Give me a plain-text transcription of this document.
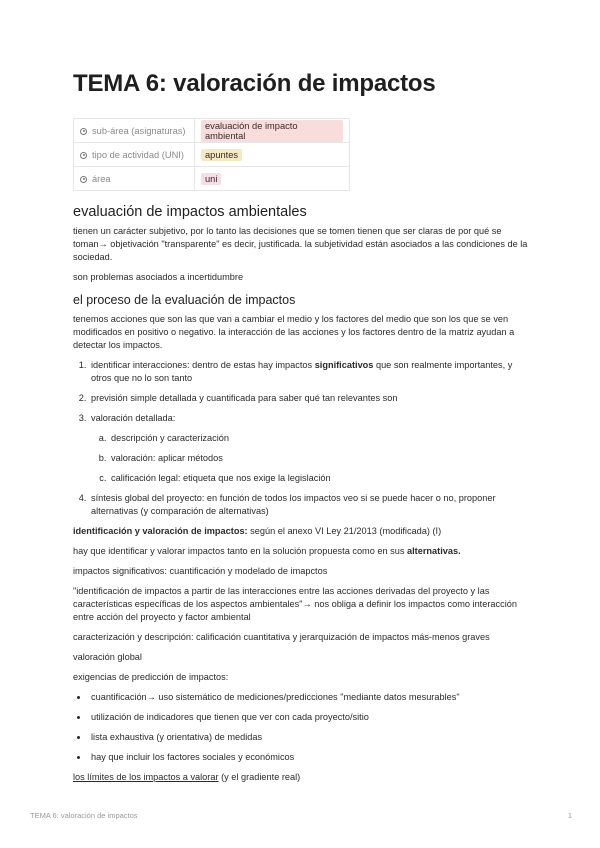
TEMA 6: valoración de impactos
sub-área (asignaturas)	evaluación de impacto ambiental
tipo de actividad (UNI)	apuntes
área	uni
evaluación de impactos ambientales

tienen un carácter subjetivo, por lo tanto las decisiones que se tomen tienen que ser claras de por qué se toman→ objetivación "transparente" es decir, justificada. la subjetividad están asociados a las condiciones de la sociedad.

son problemas asociados a incertidumbre

el proceso de la evaluación de impactos

tenemos acciones que son las que van a cambiar el medio y los factores del medio que son los que se ven modificados en positivo o negativo. la interacción de las acciones y los factores dentro de la matriz ayudan a detectar los impactos.

1. identificar interacciones: dentro de estas hay impactos significativos que son realmente importantes, y otros que no lo son tanto
2. previsión simple detallada y cuantificada para saber qué tan relevantes son
3. valoración detallada:
a. descripción y caracterización
b. valoración: aplicar métodos
c. calificación legal: etiqueta que nos exige la legislación
4. síntesis global del proyecto: en función de todos los impactos veo si se puede hacer o no, proponer alternativas (y comparación de alternativas)

identificación y valoración de impactos: según el anexo VI Ley 21/2013 (modificada) (I)

hay que identificar y valorar impactos tanto en la solución propuesta como en sus alternativas.

impactos significativos: cuantificación y modelado de imapctos

"identificación de impactos a partir de las interacciones entre las acciones derivadas del proyecto y las características específicas de los aspectos ambientales"→ nos obliga a definir los impactos como interacción entre acción del proyecto y factor ambiental

caracterización y descripción: calificación cuantitativa y jerarquización de impactos más-menos graves

valoración global

exigencias de predicción de impactos:

• cuantificación→ uso sistemático de mediciones/predicciones "mediante datos mesurables"
• utilización de indicadores que tienen que ver con cada proyecto/sitio
• lista exhaustiva (y orientativa) de medidas
• hay que incluir los factores sociales y económicos

los límites de los impactos a valorar (y el gradiente real)

TEMA 6: valoración de impactos	1
